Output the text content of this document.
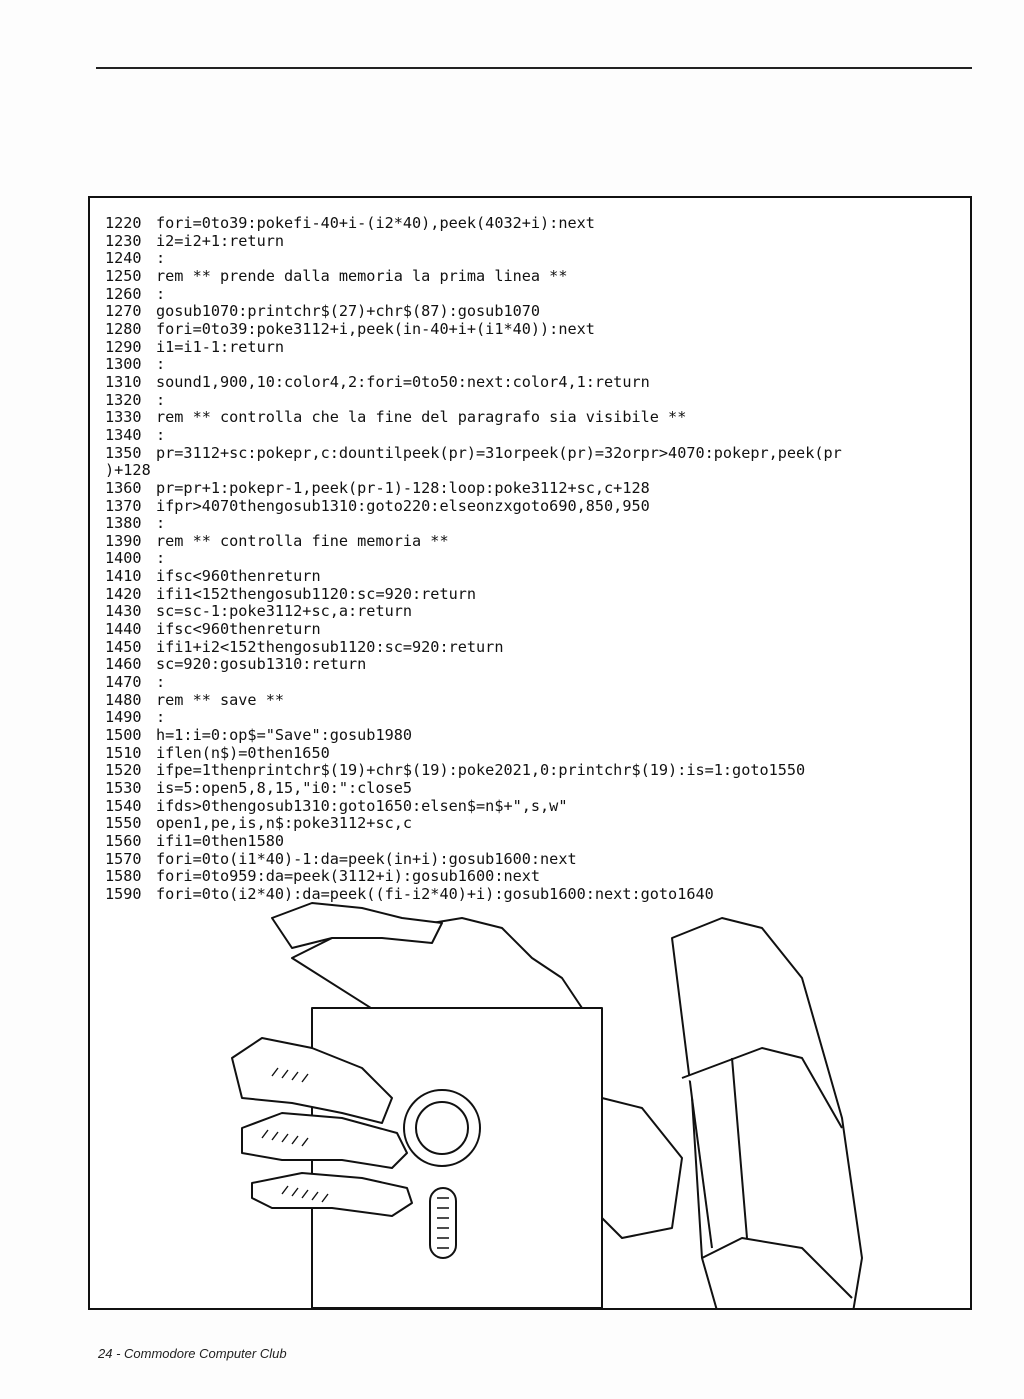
1220 fori=0to39:pokefi-40+i-(i2*40),peek(4032+i):next
1230 i2=i2+1:return
1240 :
1250 rem ** prende dalla memoria la prima linea **
1260 :
1270 gosub1070:printchr$(27)+chr$(87):gosub1070
1280 fori=0to39:poke3112+i,peek(in-40+i+(i1*40)):next
1290 i1=i1-1:return
1300 :
1310 sound1,900,10:color4,2:fori=0to50:next:color4,1:return
1320 :
1330 rem ** controlla che la fine del paragrafo sia visibile **
1340 :
1350 pr=3112+sc:pokepr,c:dountilpeek(pr)=31orpeek(pr)=32orpr>4070:pokepr,peek(pr
)+128
1360 pr=pr+1:pokepr-1,peek(pr-1)-128:loop:poke3112+sc,c+128
1370 ifpr>4070thengosub1310:goto220:elseonzxgoto690,850,950
1380 :
1390 rem ** controlla fine memoria **
1400 :
1410 ifsc<960thenreturn
1420 ifi1<152thengosub1120:sc=920:return
1430 sc=sc-1:poke3112+sc,a:return
1440 ifsc<960thenreturn
1450 ifi1+i2<152thengosub1120:sc=920:return
1460 sc=920:gosub1310:return
1470 :
1480 rem ** save **
1490 :
1500 h=1:i=0:op$="Save":gosub1980
1510 iflen(n$)=0then1650
1520 ifpe=1thenprintchr$(19)+chr$(19):poke2021,0:printchr$(19):is=1:goto1550
1530 is=5:open5,8,15,"i0:":close5
1540 ifds>0thengosub1310:goto1650:elsen$=n$+",s,w"
1550 open1,pe,is,n$:poke3112+sc,c
1560 ifi1=0then1580
1570 fori=0to(i1*40)-1:da=peek(in+i):gosub1600:next
1580 fori=0to959:da=peek(3112+i):gosub1600:next
1590 fori=0to(i2*40):da=peek((fi-i2*40)+i):gosub1600:next:goto1640
24 - Commodore Computer Club
